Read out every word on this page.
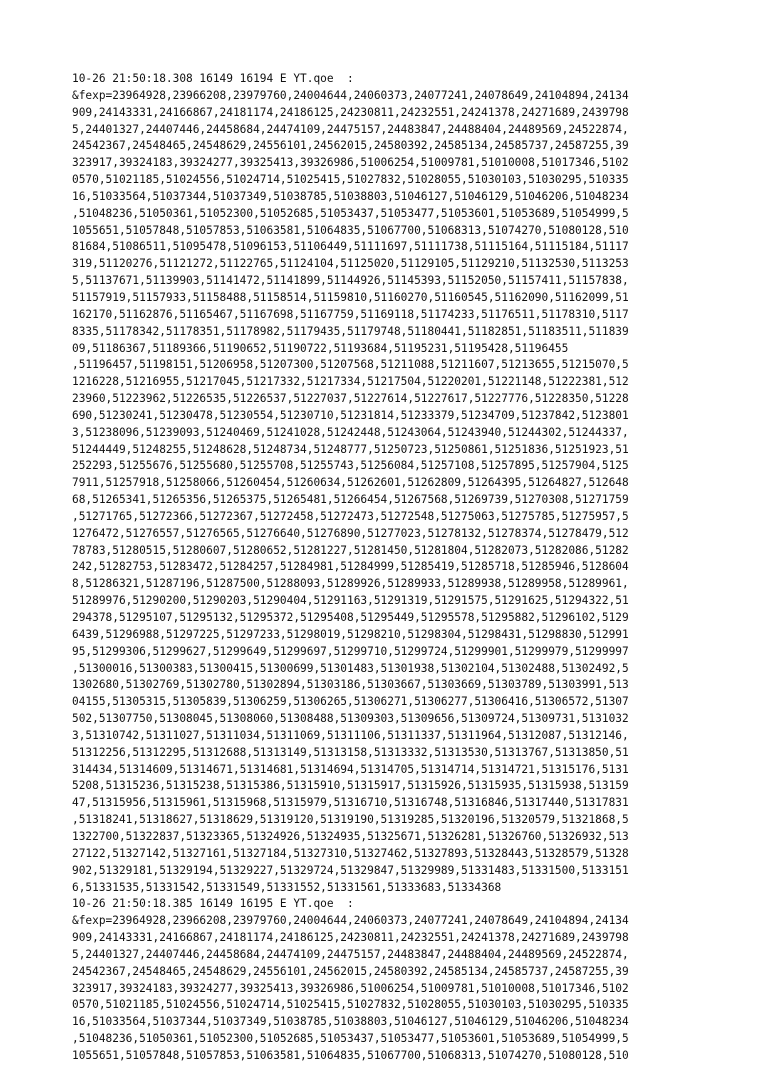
10-26 21:50:18.308 16149 16194 E YT.qoe  :
&fexp=23964928,23966208,23979760,24004644,24060373,24077241,24078649,24104894,24134
909,24143331,24166867,24181174,24186125,24230811,24232551,24241378,24271689,2439798
5,24401327,24407446,24458684,24474109,24475157,24483847,24488404,24489569,24522874,
24542367,24548465,24548629,24556101,24562015,24580392,24585134,24585737,24587255,39
323917,39324183,39324277,39325413,39326986,51006254,51009781,51010008,51017346,5102
0570,51021185,51024556,51024714,51025415,51027832,51028055,51030103,51030295,510335
16,51033564,51037344,51037349,51038785,51038803,51046127,51046129,51046206,51048234
,51048236,51050361,51052300,51052685,51053437,51053477,51053601,51053689,51054999,5
1055651,51057848,51057853,51063581,51064835,51067700,51068313,51074270,51080128,510
81684,51086511,51095478,51096153,51106449,51111697,51111738,51115164,51115184,51117
319,51120276,51121272,51122765,51124104,51125020,51129105,51129210,51132530,5113253
5,51137671,51139903,51141472,51141899,51144926,51145393,51152050,51157411,51157838,
51157919,51157933,51158488,51158514,51159810,51160270,51160545,51162090,51162099,51
162170,51162876,51165467,51167698,51167759,51169118,51174233,51176511,51178310,5117
8335,51178342,51178351,51178982,51179435,51179748,51180441,51182851,51183511,511839
09,51186367,51189366,51190652,51190722,51193684,51195231,51195428,51196455
,51196457,51198151,51206958,51207300,51207568,51211088,51211607,51213655,51215070,5
1216228,51216955,51217045,51217332,51217334,51217504,51220201,51221148,51222381,512
23960,51223962,51226535,51226537,51227037,51227614,51227617,51227776,51228350,51228
690,51230241,51230478,51230554,51230710,51231814,51233379,51234709,51237842,5123801
3,51238096,51239093,51240469,51241028,51242448,51243064,51243940,51244302,51244337,
51244449,51248255,51248628,51248734,51248777,51250723,51250861,51251836,51251923,51
252293,51255676,51255680,51255708,51255743,51256084,51257108,51257895,51257904,5125
7911,51257918,51258066,51260454,51260634,51262601,51262809,51264395,51264827,512648
68,51265341,51265356,51265375,51265481,51266454,51267568,51269739,51270308,51271759
,51271765,51272366,51272367,51272458,51272473,51272548,51275063,51275785,51275957,5
1276472,51276557,51276565,51276640,51276890,51277023,51278132,51278374,51278479,512
78783,51280515,51280607,51280652,51281227,51281450,51281804,51282073,51282086,51282
242,51282753,51283472,51284257,51284981,51284999,51285419,51285718,51285946,5128604
8,51286321,51287196,51287500,51288093,51289926,51289933,51289938,51289958,51289961,
51289976,51290200,51290203,51290404,51291163,51291319,51291575,51291625,51294322,51
294378,51295107,51295132,51295372,51295408,51295449,51295578,51295882,51296102,5129
6439,51296988,51297225,51297233,51298019,51298210,51298304,51298431,51298830,512991
95,51299306,51299627,51299649,51299697,51299710,51299724,51299901,51299979,51299997
,51300016,51300383,51300415,51300699,51301483,51301938,51302104,51302488,51302492,5
1302680,51302769,51302780,51302894,51303186,51303667,51303669,51303789,51303991,513
04155,51305315,51305839,51306259,51306265,51306271,51306277,51306416,51306572,51307
502,51307750,51308045,51308060,51308488,51309303,51309656,51309724,51309731,5131032
3,51310742,51311027,51311034,51311069,51311106,51311337,51311964,51312087,51312146,
51312256,51312295,51312688,51313149,51313158,51313332,51313530,51313767,51313850,51
314434,51314609,51314671,51314681,51314694,51314705,51314714,51314721,51315176,5131
5208,51315236,51315238,51315386,51315910,51315917,51315926,51315935,51315938,513159
47,51315956,51315961,51315968,51315979,51316710,51316748,51316846,51317440,51317831
,51318241,51318627,51318629,51319120,51319190,51319285,51320196,51320579,51321868,5
1322700,51322837,51323365,51324926,51324935,51325671,51326281,51326760,51326932,513
27122,51327142,51327161,51327184,51327310,51327462,51327893,51328443,51328579,51328
902,51329181,51329194,51329227,51329724,51329847,51329989,51331483,51331500,5133151
6,51331535,51331542,51331549,51331552,51331561,51333683,51334368
10-26 21:50:18.385 16149 16195 E YT.qoe  :
&fexp=23964928,23966208,23979760,24004644,24060373,24077241,24078649,24104894,24134
909,24143331,24166867,24181174,24186125,24230811,24232551,24241378,24271689,2439798
5,24401327,24407446,24458684,24474109,24475157,24483847,24488404,24489569,24522874,
24542367,24548465,24548629,24556101,24562015,24580392,24585134,24585737,24587255,39
323917,39324183,39324277,39325413,39326986,51006254,51009781,51010008,51017346,5102
0570,51021185,51024556,51024714,51025415,51027832,51028055,51030103,51030295,510335
16,51033564,51037344,51037349,51038785,51038803,51046127,51046129,51046206,51048234
,51048236,51050361,51052300,51052685,51053437,51053477,51053601,51053689,51054999,5
1055651,51057848,51057853,51063581,51064835,51067700,51068313,51074270,51080128,510
